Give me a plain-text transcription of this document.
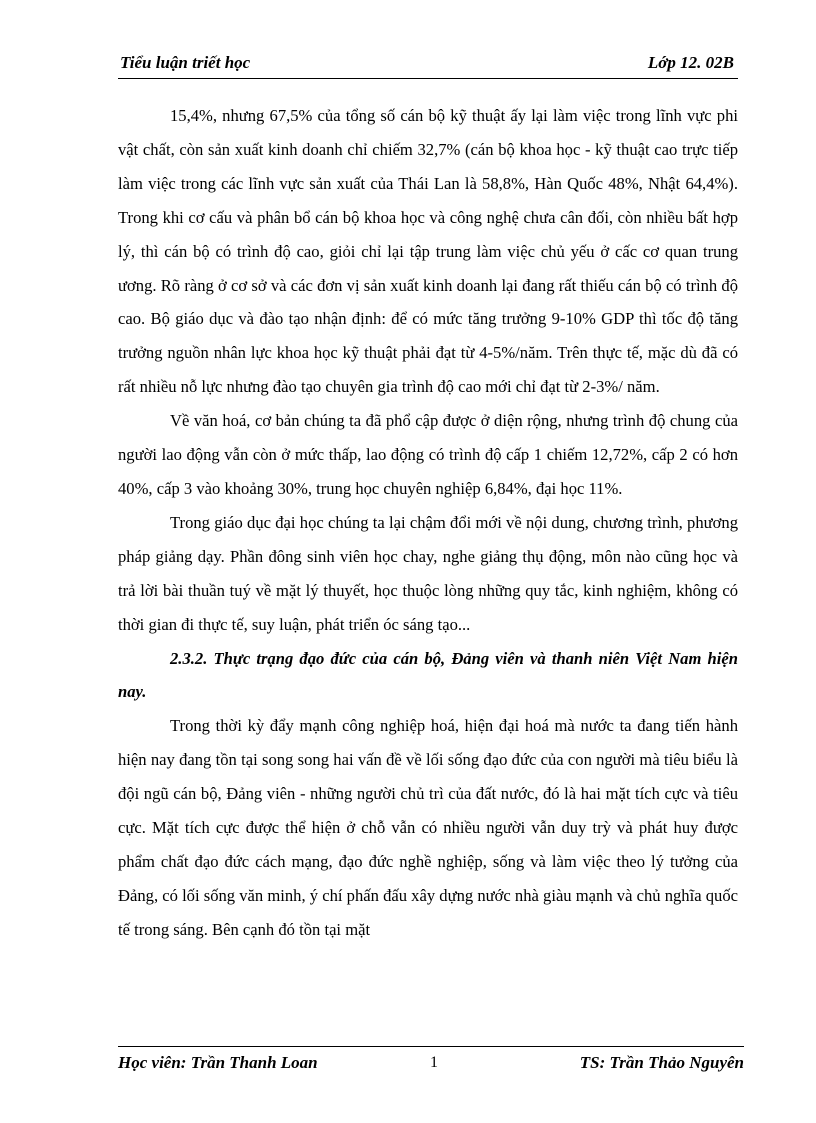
Tiểu luận triết học	Lớp 12. 02B

15,4%, nhưng 67,5% của tổng số cán bộ kỹ thuật ấy lại làm việc trong lĩnh vực phi vật chất, còn sản xuất kinh doanh chỉ chiếm 32,7% (cán bộ khoa học - kỹ thuật cao trực tiếp làm việc trong các lĩnh vực sản xuất của Thái Lan là 58,8%, Hàn Quốc 48%, Nhật 64,4%). Trong khi cơ cấu và phân bổ cán bộ khoa học và công nghệ chưa cân đối, còn nhiều bất hợp lý, thì cán bộ có trình độ cao, giỏi chỉ lại tập trung làm việc chủ yếu ở cấc cơ quan trung ương. Rõ ràng ở cơ sở và các đơn vị sản xuất kinh doanh lại đang rất thiếu cán bộ có trình độ cao. Bộ giáo dục và đào tạo nhận định: để có mức tăng trưởng 9-10% GDP thì tốc độ tăng trưởng nguồn nhân lực khoa học kỹ thuật phải đạt từ 4-5%/năm. Trên thực tế, mặc dù đã có rất nhiều nỗ lực nhưng đào tạo chuyên gia trình độ cao mới chỉ đạt từ 2-3%/ năm.

Về văn hoá, cơ bản chúng ta đã phổ cập được ở diện rộng, nhưng trình độ chung của người lao động vẫn còn ở mức thấp, lao động có trình độ cấp 1 chiếm 12,72%, cấp 2 có hơn 40%, cấp 3 vào khoảng 30%, trung học chuyên nghiệp 6,84%, đại học 11%.

Trong giáo dục đại học chúng ta lại chậm đổi mới về nội dung, chương trình, phương pháp giảng dạy. Phần đông sinh viên học chay, nghe giảng thụ động, môn nào cũng học và trả lời bài thuần tuý về mặt lý thuyết, học thuộc lòng những quy tắc, kinh nghiệm, không có thời gian đi thực tế, suy luận, phát triển óc sáng tạo...

2.3.2. Thực trạng đạo đức của cán bộ, Đảng viên và thanh niên Việt Nam hiện nay.

Trong thời kỳ đẩy mạnh công nghiệp hoá, hiện đại hoá mà nước ta đang tiến hành hiện nay đang tồn tại song song hai vấn đề về lối sống đạo đức của con người mà tiêu biểu là đội ngũ cán bộ, Đảng viên - những người chủ trì của đất nước, đó là hai mặt tích cực và tiêu cực. Mặt tích cực được thể hiện ở chỗ vẫn có nhiều người vẫn duy trỳ và phát huy được phẩm chất đạo đức cách mạng, đạo đức nghề nghiệp, sống và làm việc theo lý tưởng của Đảng, có lối sống văn minh, ý chí phấn đấu xây dựng nước nhà giàu mạnh và chủ nghĩa quốc tế trong sáng. Bên cạnh đó tồn tại mặt

Học viên: Trần Thanh Loan	1	TS: Trần Thảo Nguyên
